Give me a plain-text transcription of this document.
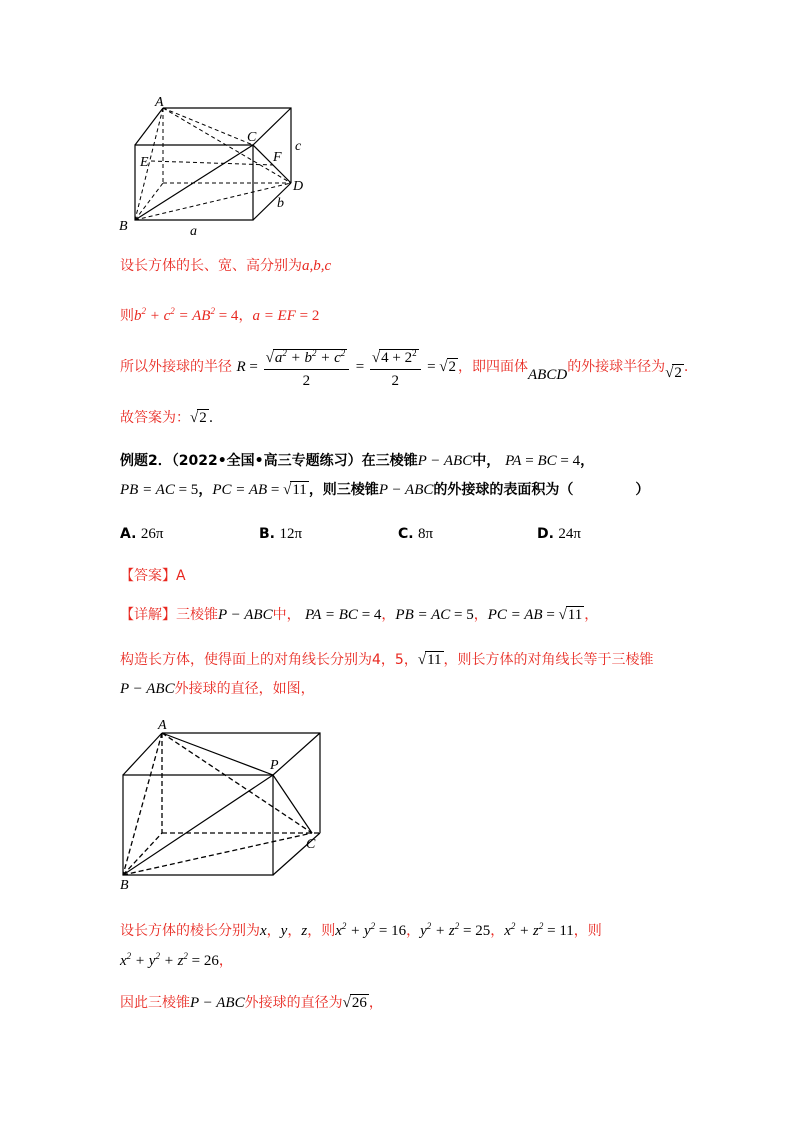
A
B
C
D
E	F
a
b
c
设长方体的长、宽、高分别为a,b,c
则$b^2 + c^2 = AB^2 = 4$，a = EF = 2
所以外接球的半径 $R = \frac{√a^2 + b^2 + c^2}{2} = \frac{√4 + 2^2}{2} = √2$ ，即四面体ABCD的外接球半径为√2 .
故答案为：√2 .
例题2．（2022•全国•高三专题练习）在三棱锥P − ABC中， PA = BC = 4，
PB = AC = 5，PC = AB = √11 ，则三棱锥P − ABC的外接球的表面积为（	）
A. 26π	B. 12π	C. 8π	D. 24π
【答案】A
【详解】三棱锥P − ABC中， PA = BC = 4，PB = AC = 5，PC = AB = √11 ，
构造长方体，使得面上的对角线长分别为4，5，√11 ，则长方体的对角线长等于三棱锥
P − ABC外接球的直径，如图，
A
P
B
C
设长方体的棱长分别为x，y，z，则$x^2 + y^2 = 16$，$y^2 + z^2 = 25$，$x^2 + z^2 = 11$，则
$x^2 + y^2 + z^2 = 26$，
因此三棱锥P − ABC外接球的直径为√26 ，
